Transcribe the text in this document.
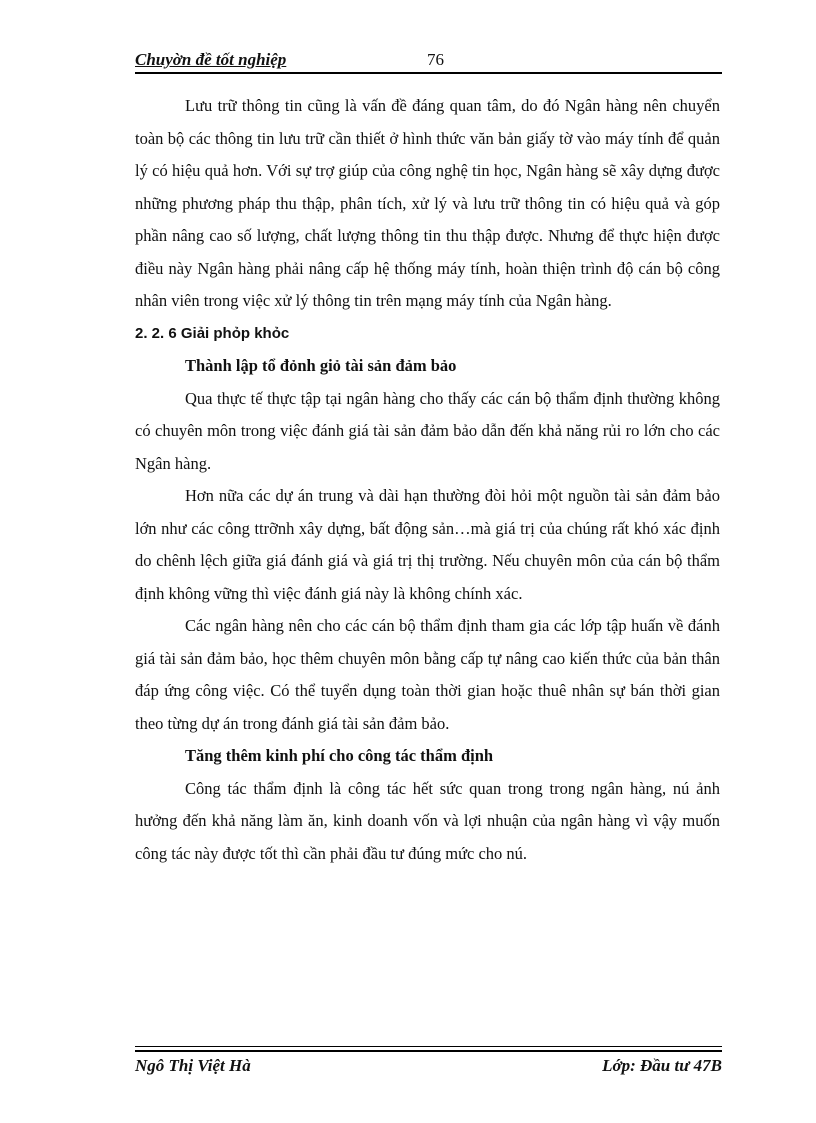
Chuyờn đề tốt nghiệp	76

Lưu trữ thông tin cũng là vấn đề đáng quan tâm, do đó Ngân hàng nên chuyển toàn bộ các thông tin lưu trữ cần thiết ở hình thức văn bản giấy tờ vào máy tính để quản lý có hiệu quả hơn. Với sự trợ giúp của công nghệ tin học, Ngân hàng sẽ xây dựng được những phương pháp thu thập, phân tích, xử lý và lưu trữ thông tin có hiệu quả và góp phần nâng cao số lượng, chất lượng thông tin thu thập được. Nhưng để thực hiện được điều này Ngân hàng phải nâng cấp hệ thống máy tính, hoàn thiện trình độ cán bộ công nhân viên trong việc xử lý thông tin trên mạng máy tính của Ngân hàng.

2. 2. 6 Giải phỏp khỏc

Thành lập tổ đỏnh giỏ tài sản đảm bảo

Qua thực tế thực tập tại ngân hàng cho thấy các cán bộ thẩm định thường không có chuyên môn trong việc đánh giá tài sản đảm bảo dẫn đến khả năng rủi ro lớn cho các Ngân hàng.

Hơn nữa các dự án trung và dài hạn thường đòi hỏi một nguồn tài sản đảm bảo lớn như các công ttrỡnh xây dựng, bất động sản…mà giá trị của chúng rất khó xác định do chênh lệch giữa giá đánh giá và giá trị thị trường. Nếu chuyên môn của cán bộ thẩm định không vững thì việc đánh giá này là không chính xác.

Các ngân hàng nên cho các cán bộ thẩm định tham gia các lớp tập huấn về đánh giá tài sản đảm bảo, học thêm chuyên môn bằng cấp tự nâng cao kiến thức của bản thân đáp ứng công việc. Có thể tuyển dụng toàn thời gian hoặc thuê nhân sự bán thời gian theo từng dự án trong đánh giá tài sản đảm bảo.

Tăng thêm kinh phí cho công tác thẩm định

Công tác thẩm định là công tác hết sức quan trong trong ngân hàng, nú ảnh hưởng đến khả năng làm ăn, kinh doanh vốn và lợi nhuận của ngân hàng vì vậy muốn công tác này được tốt thì cần phải đầu tư đúng mức cho nú.

Ngô Thị Việt Hà	Lớp: Đầu tư 47B
